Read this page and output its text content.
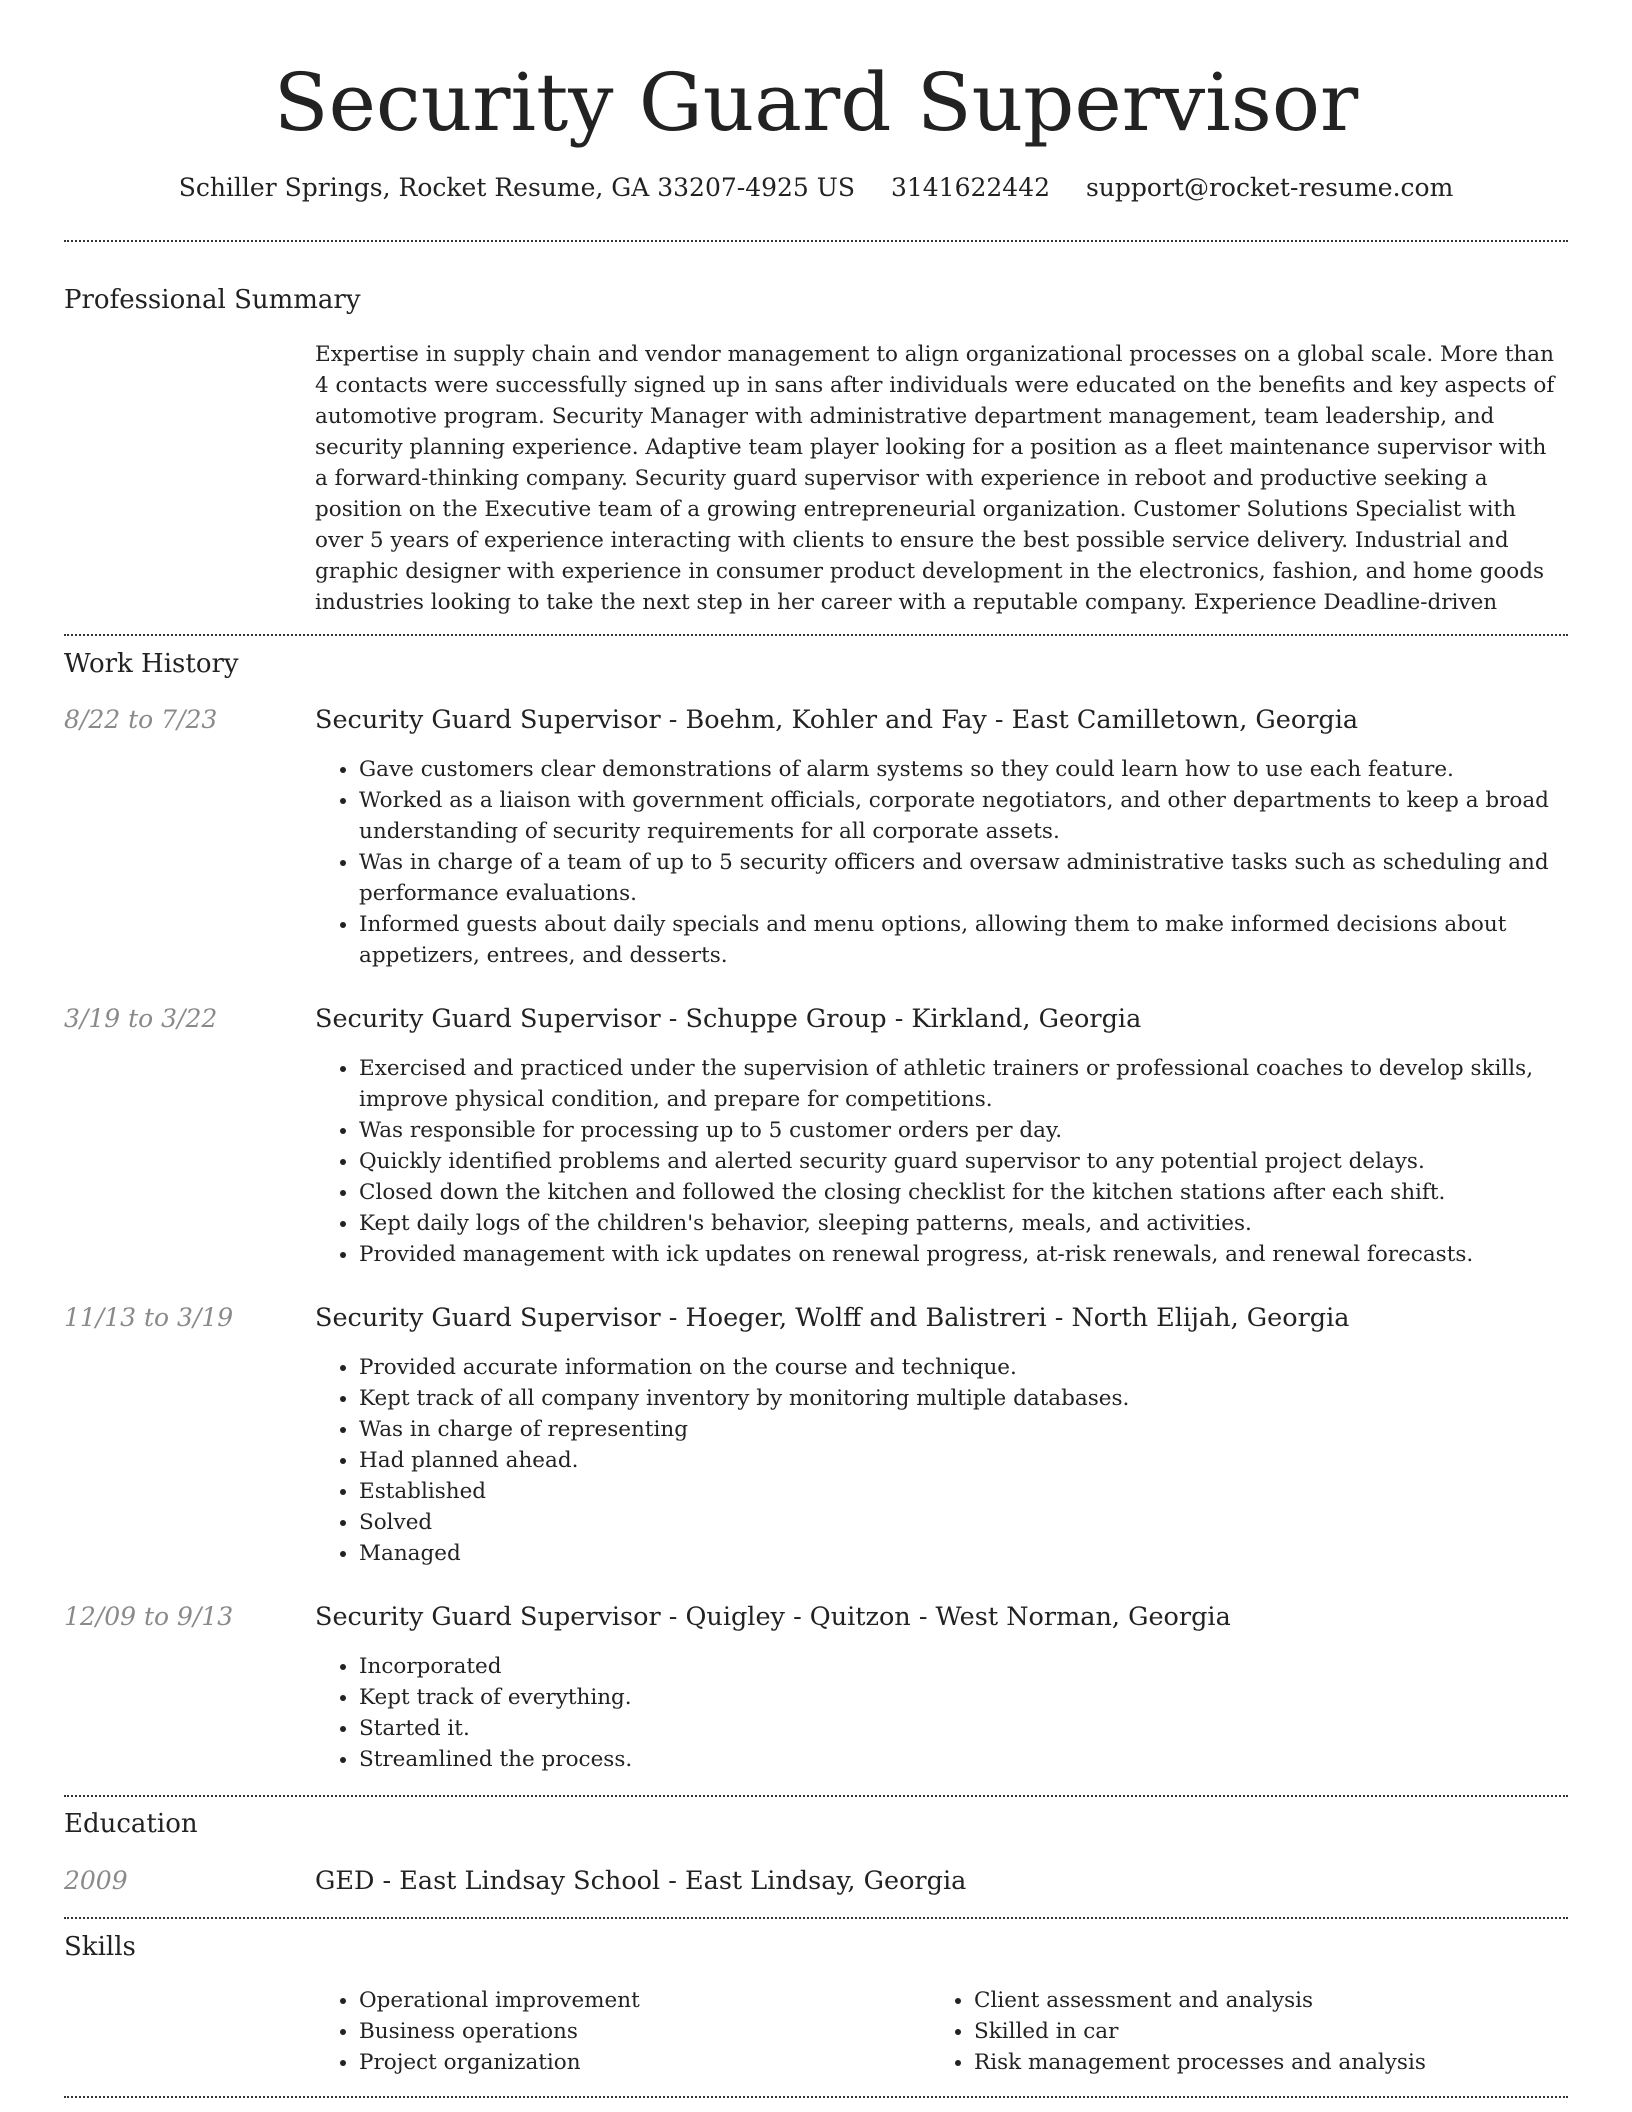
Security Guard Supervisor
Schiller Springs, Rocket Resume, GA 33207-4925 US 3141622442 support@rocket-resume.com
Professional Summary

Expertise in supply chain and vendor management to align organizational processes on a global scale. More than 4 contacts were successfully signed up in sans after individuals were educated on the benefits and key aspects of automotive program. Security Manager with administrative department management, team leadership, and security planning experience. Adaptive team player looking for a position as a fleet maintenance supervisor with a forward-thinking company. Security guard supervisor with experience in reboot and productive seeking a position on the Executive team of a growing entrepreneurial organization. Customer Solutions Specialist with over 5 years of experience interacting with clients to ensure the best possible service delivery. Industrial and graphic designer with experience in consumer product development in the electronics, fashion, and home goods industries looking to take the next step in her career with a reputable company. Experience Deadline-driven

Work History
8/22 to 7/23	Security Guard Supervisor - Boehm, Kohler and Fay - East Camilletown, Georgia
• Gave customers clear demonstrations of alarm systems so they could learn how to use each feature.
• Worked as a liaison with government officials, corporate negotiators, and other departments to keep a broad understanding of security requirements for all corporate assets.
• Was in charge of a team of up to 5 security officers and oversaw administrative tasks such as scheduling and performance evaluations.
• Informed guests about daily specials and menu options, allowing them to make informed decisions about appetizers, entrees, and desserts.
3/19 to 3/22	Security Guard Supervisor - Schuppe Group - Kirkland, Georgia
• Exercised and practiced under the supervision of athletic trainers or professional coaches to develop skills, improve physical condition, and prepare for competitions.
• Was responsible for processing up to 5 customer orders per day.
• Quickly identified problems and alerted security guard supervisor to any potential project delays.
• Closed down the kitchen and followed the closing checklist for the kitchen stations after each shift.
• Kept daily logs of the children's behavior, sleeping patterns, meals, and activities.
• Provided management with ick updates on renewal progress, at-risk renewals, and renewal forecasts.
11/13 to 3/19	Security Guard Supervisor - Hoeger, Wolff and Balistreri - North Elijah, Georgia
• Provided accurate information on the course and technique.
• Kept track of all company inventory by monitoring multiple databases.
• Was in charge of representing
• Had planned ahead.
• Established
• Solved
• Managed
12/09 to 9/13	Security Guard Supervisor - Quigley - Quitzon - West Norman, Georgia
• Incorporated
• Kept track of everything.
• Started it.
• Streamlined the process.
Education
2009	GED - East Lindsay School - East Lindsay, Georgia
Skills
• Operational improvement
• Business operations
• Project organization
• Client assessment and analysis
• Skilled in car
• Risk management processes and analysis
